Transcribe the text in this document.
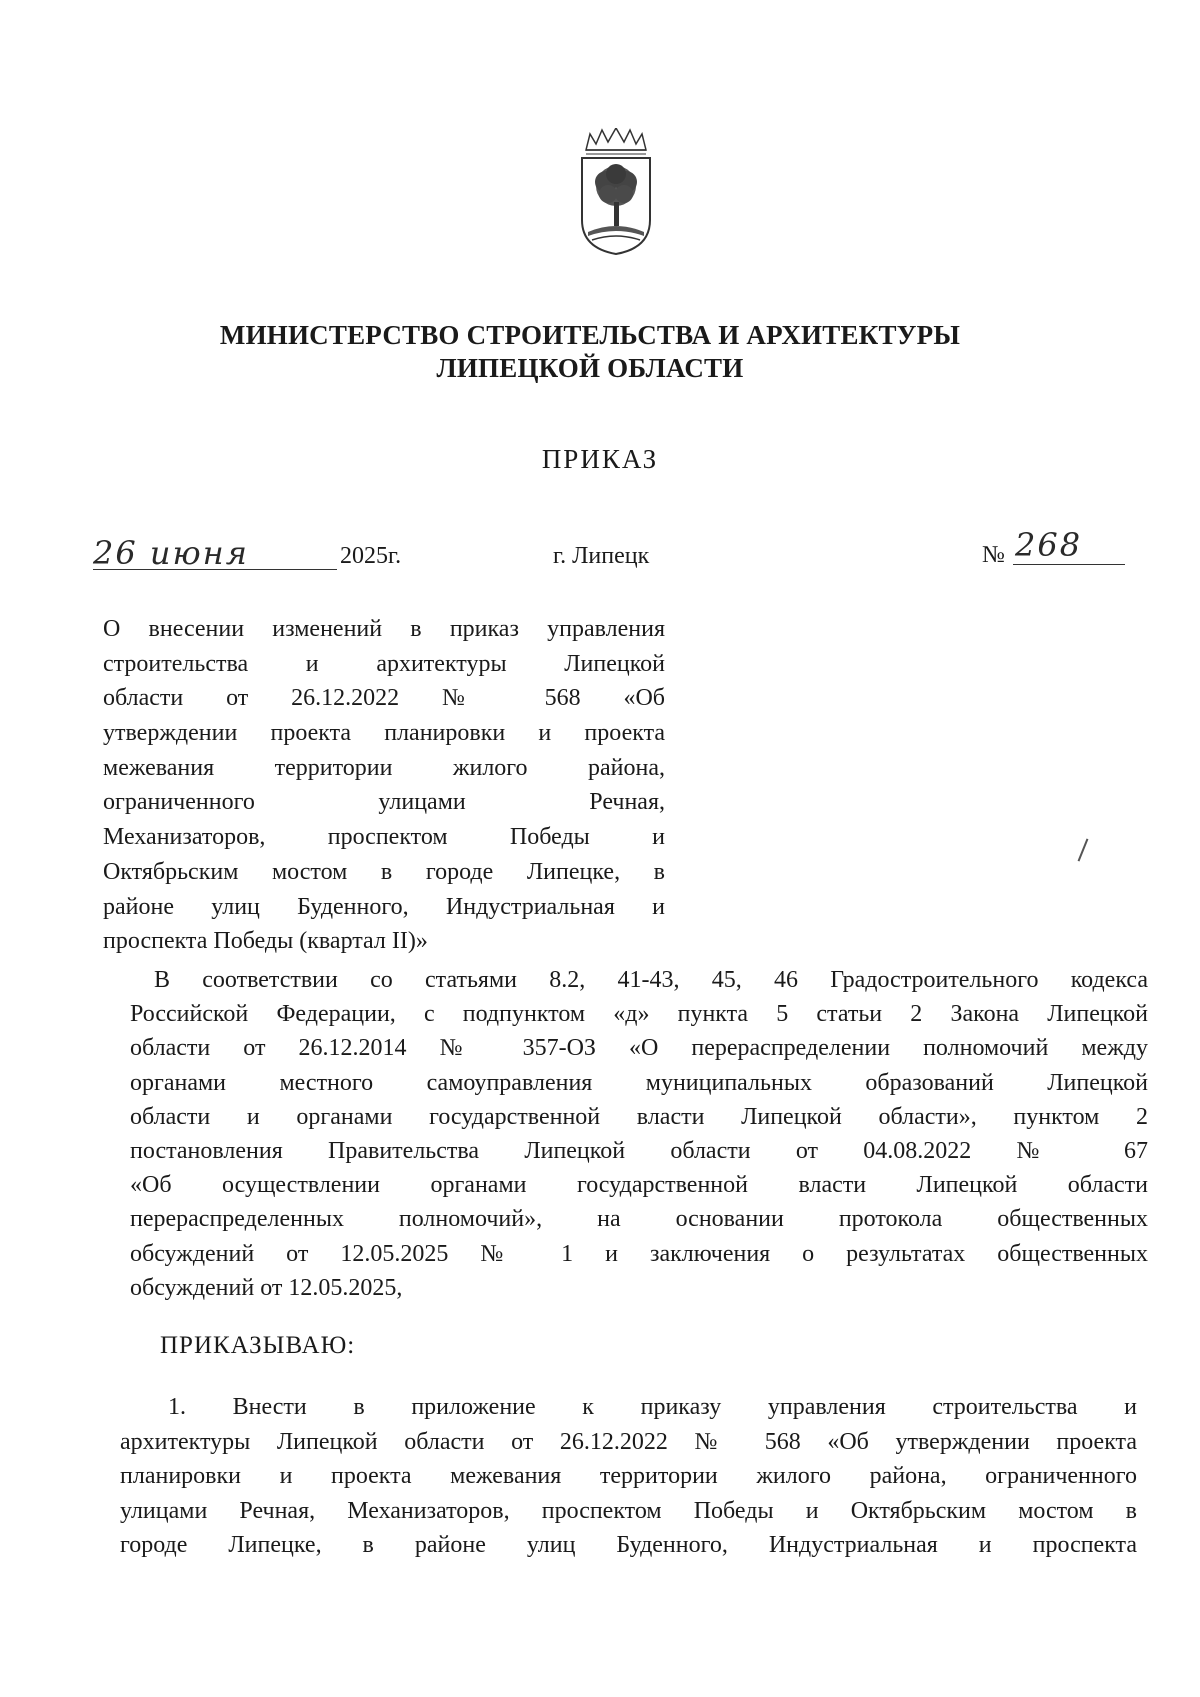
МИНИСТЕРСТВО СТРОИТЕЛЬСТВА И АРХИТЕКТУРЫ
ЛИПЕЦКОЙ ОБЛАСТИ
ПРИКАЗ
26 июня	2025г.	г. Липецк	№ 268
О внесении изменений в приказ управления
строительства и архитектуры Липецкой
области от 26.12.2022 № 568 «Об
утверждении проекта планировки и проекта
межевания территории жилого района,
ограниченного улицами Речная,
Механизаторов, проспектом Победы и
Октябрьским мостом в городе Липецке, в
районе улиц Буденного, Индустриальная и
проспекта Победы (квартал II)»
В соответствии со статьями 8.2, 41-43, 45, 46 Градостроительного кодекса
Российской Федерации, с подпунктом «д» пункта 5 статьи 2 Закона Липецкой
области от 26.12.2014 № 357-ОЗ «О перераспределении полномочий между
органами местного самоуправления муниципальных образований Липецкой
области и органами государственной власти Липецкой области», пунктом 2
постановления Правительства Липецкой области от 04.08.2022 № 67
«Об осуществлении органами государственной власти Липецкой области
перераспределенных полномочий», на основании протокола общественных
обсуждений от 12.05.2025 № 1 и заключения о результатах общественных
обсуждений от 12.05.2025,
ПРИКАЗЫВАЮ:
1. Внести в приложение к приказу управления строительства и
архитектуры Липецкой области от 26.12.2022 № 568 «Об утверждении проекта
планировки и проекта межевания территории жилого района, ограниченного
улицами Речная, Механизаторов, проспектом Победы и Октябрьским мостом в
городе Липецке, в районе улиц Буденного, Индустриальная и проспекта
